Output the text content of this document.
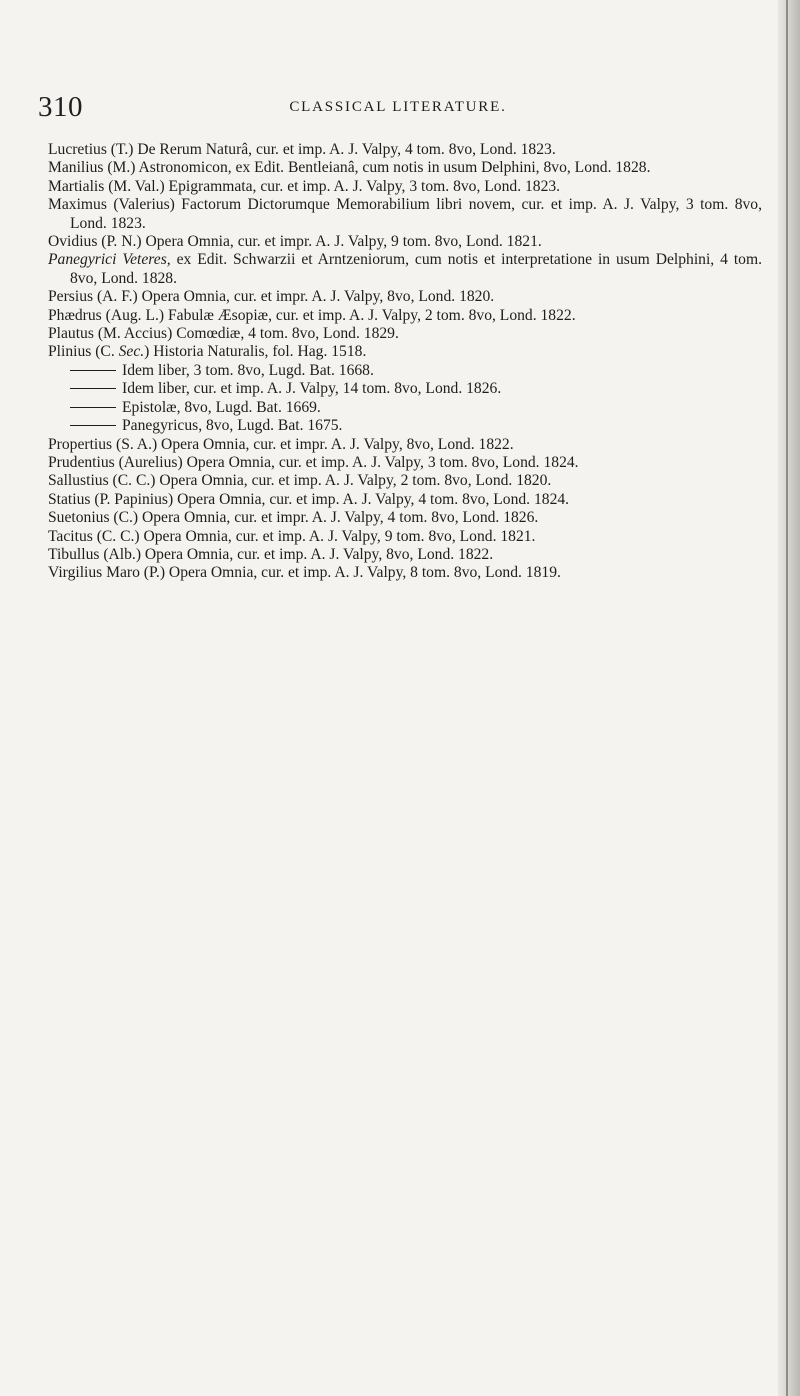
310	CLASSICAL LITERATURE.
Lucretius (T.) De Rerum Naturâ, cur. et imp. A. J. Valpy, 4 tom. 8vo, Lond. 1823.
Manilius (M.) Astronomicon, ex Edit. Bentleianâ, cum notis in usum Delphini, 8vo, Lond. 1828.
Martialis (M. Val.) Epigrammata, cur. et imp. A. J. Valpy, 3 tom. 8vo, Lond. 1823.
Maximus (Valerius) Factorum Dictorumque Memorabilium libri novem, cur. et imp. A. J. Valpy, 3 tom. 8vo, Lond. 1823.
Ovidius (P. N.) Opera Omnia, cur. et impr. A. J. Valpy, 9 tom. 8vo, Lond. 1821.
Panegyrici Veteres, ex Edit. Schwarzii et Arntzeniorum, cum notis et interpretatione in usum Delphini, 4 tom. 8vo, Lond. 1828.
Persius (A. F.) Opera Omnia, cur. et impr. A. J. Valpy, 8vo, Lond. 1820.
Phædrus (Aug. L.) Fabulæ Æsopiæ, cur. et imp. A. J. Valpy, 2 tom. 8vo, Lond. 1822.
Plautus (M. Accius) Comœdiæ, 4 tom. 8vo, Lond. 1829.
Plinius (C. Sec.) Historia Naturalis, fol. Hag. 1518.
Idem liber, 3 tom. 8vo, Lugd. Bat. 1668.
Idem liber, cur. et imp. A. J. Valpy, 14 tom. 8vo, Lond. 1826.
Epistolæ, 8vo, Lugd. Bat. 1669.
Panegyricus, 8vo, Lugd. Bat. 1675.
Propertius (S. A.) Opera Omnia, cur. et impr. A. J. Valpy, 8vo, Lond. 1822.
Prudentius (Aurelius) Opera Omnia, cur. et imp. A. J. Valpy, 3 tom. 8vo, Lond. 1824.
Sallustius (C. C.) Opera Omnia, cur. et imp. A. J. Valpy, 2 tom. 8vo, Lond. 1820.
Statius (P. Papinius) Opera Omnia, cur. et imp. A. J. Valpy, 4 tom. 8vo, Lond. 1824.
Suetonius (C.) Opera Omnia, cur. et impr. A. J. Valpy, 4 tom. 8vo, Lond. 1826.
Tacitus (C. C.) Opera Omnia, cur. et imp. A. J. Valpy, 9 tom. 8vo, Lond. 1821.
Tibullus (Alb.) Opera Omnia, cur. et imp. A. J. Valpy, 8vo, Lond. 1822.
Virgilius Maro (P.) Opera Omnia, cur. et imp. A. J. Valpy, 8 tom. 8vo, Lond. 1819.
